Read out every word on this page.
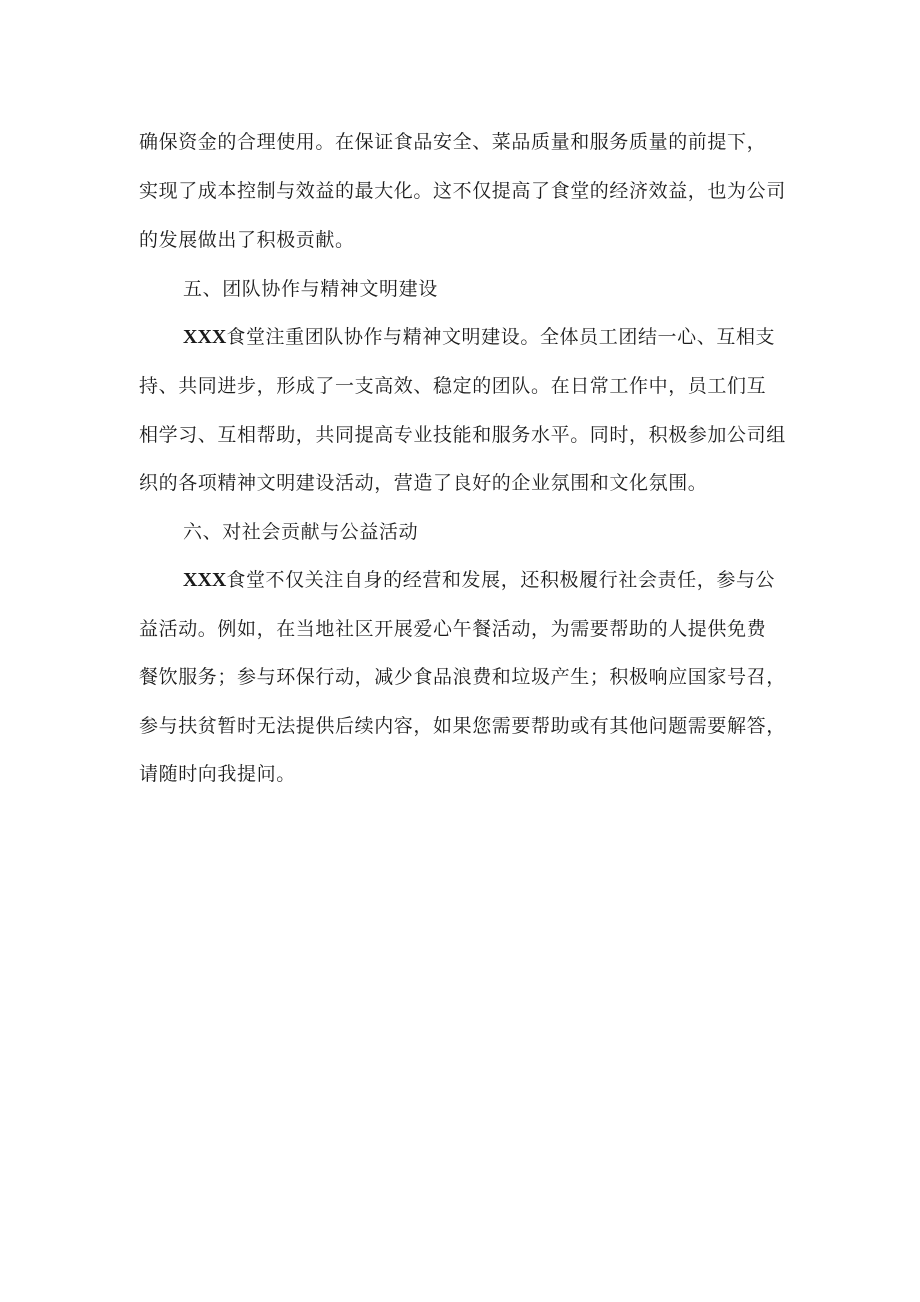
确保资金的合理使用。在保证食品安全、菜品质量和服务质量的前提下，
实现了成本控制与效益的最大化。这不仅提高了食堂的经济效益，也为公司
的发展做出了积极贡献。
五、团队协作与精神文明建设
XXX食堂注重团队协作与精神文明建设。全体员工团结一心、互相支
持、共同进步，形成了一支高效、稳定的团队。在日常工作中，员工们互
相学习、互相帮助，共同提高专业技能和服务水平。同时，积极参加公司组
织的各项精神文明建设活动，营造了良好的企业氛围和文化氛围。
六、对社会贡献与公益活动
XXX食堂不仅关注自身的经营和发展，还积极履行社会责任，参与公
益活动。例如，在当地社区开展爱心午餐活动，为需要帮助的人提供免费
餐饮服务；参与环保行动，减少食品浪费和垃圾产生；积极响应国家号召，
参与扶贫暂时无法提供后续内容，如果您需要帮助或有其他问题需要解答，
请随时向我提问。
